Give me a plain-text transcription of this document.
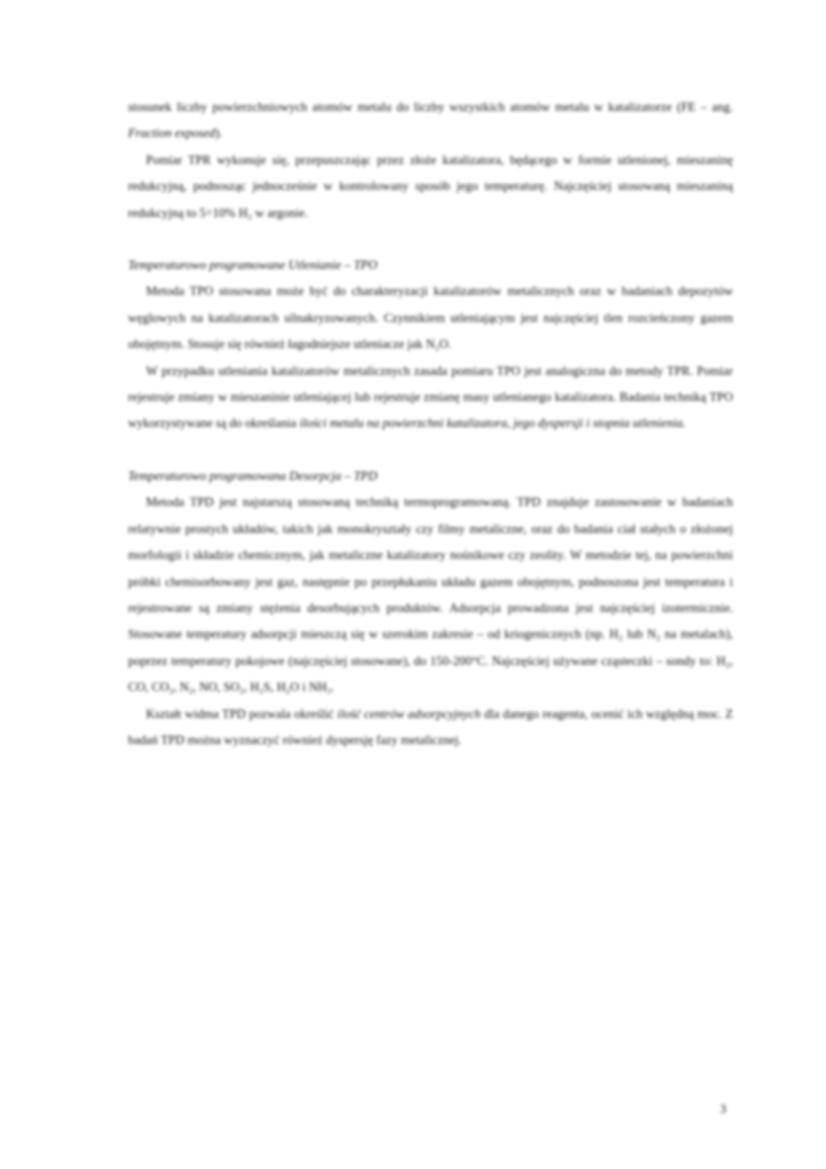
stosunek liczby powierzchniowych atomów metalu do liczby wszystkich atomów metalu w katalizatorze (FE – ang. Fraction exposed).

Pomiar TPR wykonuje się, przepuszczając przez złoże katalizatora, będącego w formie utlenionej, mieszaninę redukcyjną, podnosząc jednocześnie w kontrolowany sposób jego temperaturę. Najczęściej stosowaną mieszaniną redukcyjną to 5÷10% H₂ w argonie.

Temperaturowo programowane Utlenianie – TPO

Metoda TPO stosowana może być do charakteryzacji katalizatorów metalicznych oraz w badaniach depozytów węglowych na katalizatorach silnakryzowanych. Czynnikiem utleniającym jest najczęściej tlen rozcieńczony gazem obojętnym. Stosuje się również łagodniejsze utleniacze jak N₂O.

W przypadku utleniania katalizatorów metalicznych zasada pomiaru TPO jest analogiczna do metody TPR. Pomiar rejestruje zmiany w mieszaninie utleniającej lub rejestruje zmianę masy utlenianego katalizatora. Badania techniką TPO wykorzystywane są do określania ilości metalu na powierzchni katalizatora, jego dyspersji i stopnia utlenienia.

Temperaturowo programowana Desorpcja – TPD

Metoda TPD jest najstarszą stosowaną techniką termoprogramowaną. TPD znajduje zastosowanie w badaniach relatywnie prostych układów, takich jak monokryształy czy filmy metaliczne, oraz do badania ciał stałych o złożonej morfologii i składzie chemicznym, jak metaliczne katalizatory nośnikowe czy zeolity. W metodzie tej, na powierzchni próbki chemisorbowany jest gaz, następnie po przepłukaniu układu gazem obojętnym, podnoszona jest temperatura i rejestrowane są zmiany stężenia desorbujących produktów. Adsorpcja prowadzona jest najczęściej izotermicznie. Stosowane temperatury adsorpcji mieszczą się w szerokim zakresie – od kriogenicznych (np. H₂ lub N₂ na metalach), poprzez temperatury pokojowe (najczęściej stosowane), do 150-200°C. Najczęściej używane cząsteczki – sondy to: H₂, CO, CO₂, N₂, NO, SO₂, H₂S, H₂O i NH₃.

Kształt widma TPD pozwala określić ilość centrów adsorpcyjnych dla danego reagenta, ocenić ich względną moc. Z badań TPD można wyznaczyć również dyspersję fazy metalicznej.

3
